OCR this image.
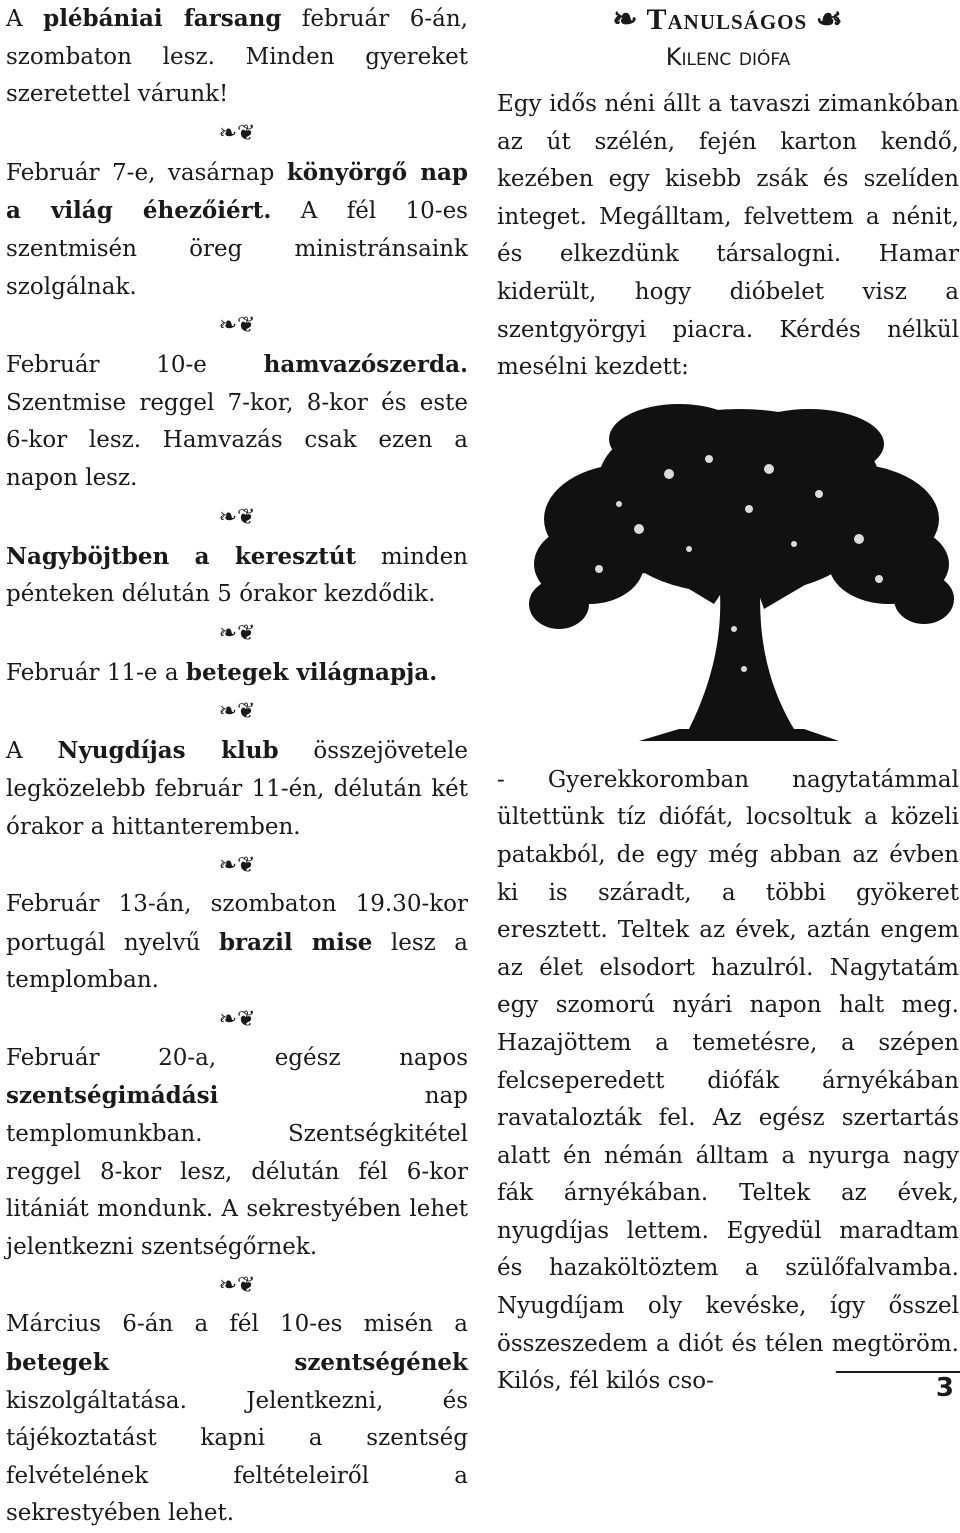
A plébániai farsang február 6-án, szombaton lesz. Minden gyereket szeretettel várunk!

❧❦

Február 7-e, vasárnap könyörgő nap a világ éhezőiért. A fél 10-es szentmisén öreg ministránsaink szolgálnak.

❧❦

Február 10-e hamvazószerda. Szentmise reggel 7-kor, 8-kor és este 6-kor lesz. Hamvazás csak ezen a napon lesz.

❧❦

Nagyböjtben a keresztút minden pénteken délután 5 órakor kezdődik.

❧❦

Február 11-e a betegek világnapja.

❧❦

A Nyugdíjas klub összejövetele legközelebb február 11-én, délután két órakor a hittanteremben.

❧❦

Február 13-án, szombaton 19.30-kor portugál nyelvű brazil mise lesz a templomban.

❧❦

Február 20-a, egész napos szentségimádási nap templomunkban. Szentségkitétel reggel 8-kor lesz, délután fél 6-kor litániát mondunk. A sekrestyében lehet jelentkezni szentségőrnek.

❧❦

Március 6-án a fél 10-es misén a betegek szentségének kiszolgáltatása. Jelentkezni, és tájékoztatást kapni a szentség felvételének feltételeiről a sekrestyében lehet.

❧ Tanulságos ☙
Kilenc diófa

Egy idős néni állt a tavaszi zimankóban az út szélén, fején karton kendő, kezében egy kisebb zsák és szelíden integet. Megálltam, felvettem a nénit, és elkezdünk társalogni. Hamar kiderült, hogy dióbelet visz a szentgyörgyi piacra. Kérdés nélkül mesélni kezdett:

- Gyerekkoromban nagytatámmal ültettünk tíz diófát, locsoltuk a közeli patakból, de egy még abban az évben ki is száradt, a többi gyökeret eresztett. Teltek az évek, aztán engem az élet elsodort hazulról. Nagytatám egy szomorú nyári napon halt meg. Hazajöttem a temetésre, a szépen felcseperedett diófák árnyékában ravatalozták fel. Az egész szertartás alatt én némán álltam a nyurga nagy fák árnyékában. Teltek az évek, nyugdíjas lettem. Egyedül maradtam és hazaköltöztem a szülőfalvamba. Nyugdíjam oly kevéske, így ősszel összeszedem a diót és télen megtöröm. Kilós, fél kilós cso-	3
